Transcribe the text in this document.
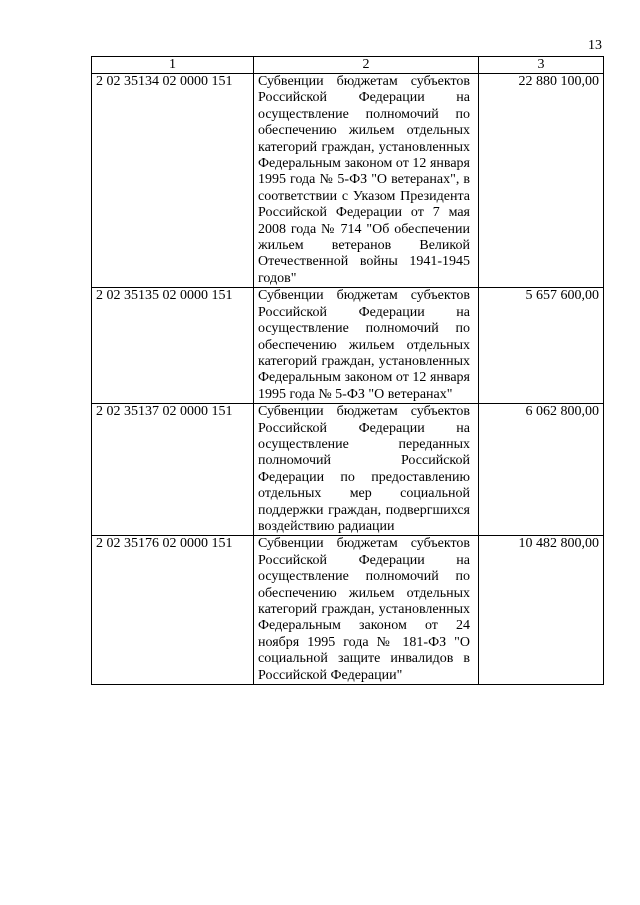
13
1	2	3
2 02 35134 02 0000 151	Субвенции бюджетам субъектов Российской Федерации на осуществление полномочий по обеспечению жильем отдельных категорий граждан, установленных Федеральным законом от 12 января 1995 года № 5-ФЗ "О ветеранах", в соответствии с Указом Президента Российской Федерации от 7 мая 2008 года № 714 "Об обеспечении жильем ветеранов Великой Отечественной войны 1941-1945 годов"	22 880 100,00
2 02 35135 02 0000 151	Субвенции бюджетам субъектов Российской Федерации на осуществление полномочий по обеспечению жильем отдельных категорий граждан, установленных Федеральным законом от 12 января 1995 года № 5-ФЗ "О ветеранах"	5 657 600,00
2 02 35137 02 0000 151	Субвенции бюджетам субъектов Российской Федерации на осуществление переданных полномочий Российской Федерации по предоставлению отдельных мер социальной поддержки граждан, подвергшихся воздействию радиации	6 062 800,00
2 02 35176 02 0000 151	Субвенции бюджетам субъектов Российской Федерации на осуществление полномочий по обеспечению жильем отдельных категорий граждан, установленных Федеральным законом от 24 ноября 1995 года № 181-ФЗ "О социальной защите инвалидов в Российской Федерации"	10 482 800,00
